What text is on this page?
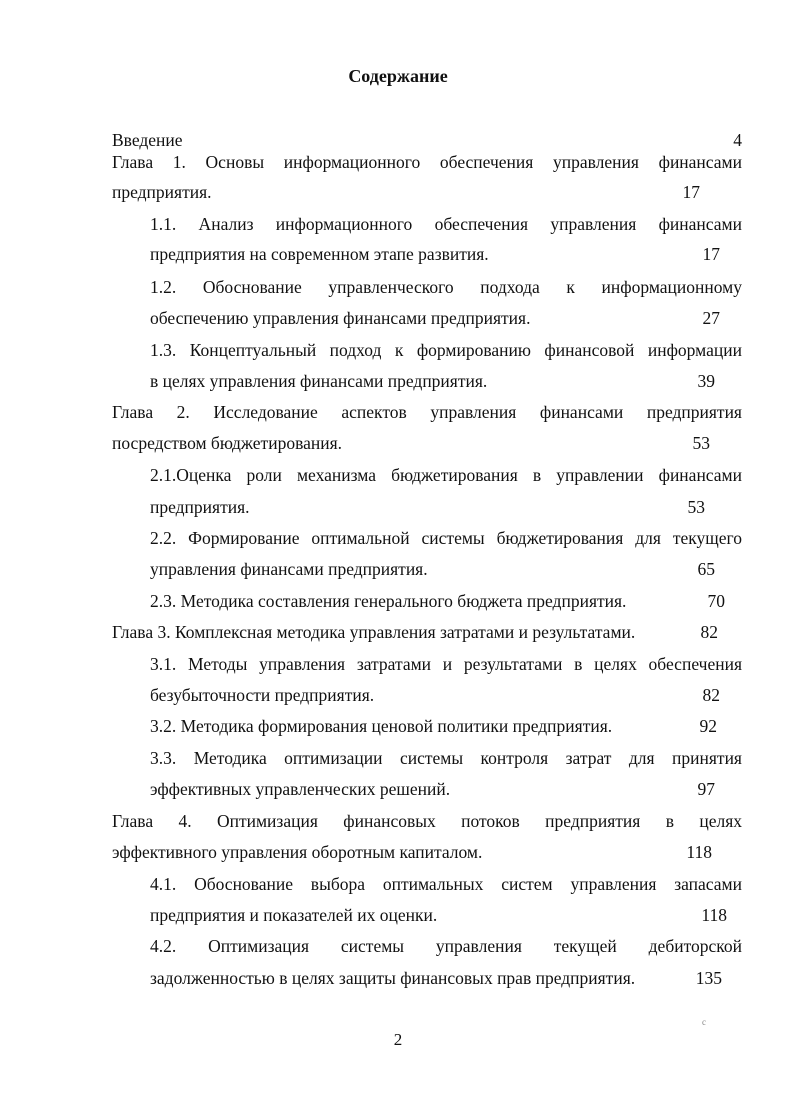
Содержание
Введение	4
Глава 1. Основы информационного обеспечения управления финансами
предприятия.	17
1.1. Анализ информационного обеспечения управления финансами
предприятия на современном этапе развития.	17
1.2. Обоснование управленческого подхода к информационному
обеспечению управления финансами предприятия.	27
1.3. Концептуальный подход к формированию финансовой информации
в целях управления финансами предприятия.	39
Глава 2. Исследование аспектов управления финансами предприятия
посредством бюджетирования.	53
2.1.Оценка роли механизма бюджетирования в управлении финансами
предприятия.	53
2.2. Формирование оптимальной системы бюджетирования для текущего
управления финансами предприятия.	65
2.3. Методика составления генерального бюджета предприятия.	70
Глава 3. Комплексная методика управления затратами и результатами.	82
3.1. Методы управления затратами и результатами в целях обеспечения
безубыточности предприятия.	82
3.2. Методика формирования ценовой политики предприятия.	92
3.3. Методика оптимизации системы контроля затрат для принятия
эффективных управленческих решений.	97
Глава 4. Оптимизация финансовых потоков предприятия в целях
эффективного управления оборотным капиталом.	118
4.1. Обоснование выбора оптимальных систем управления запасами
предприятия и показателей их оценки.	118
4.2. Оптимизация системы управления текущей дебиторской
задолженностью в целях защиты финансовых прав предприятия.	135
c
2
